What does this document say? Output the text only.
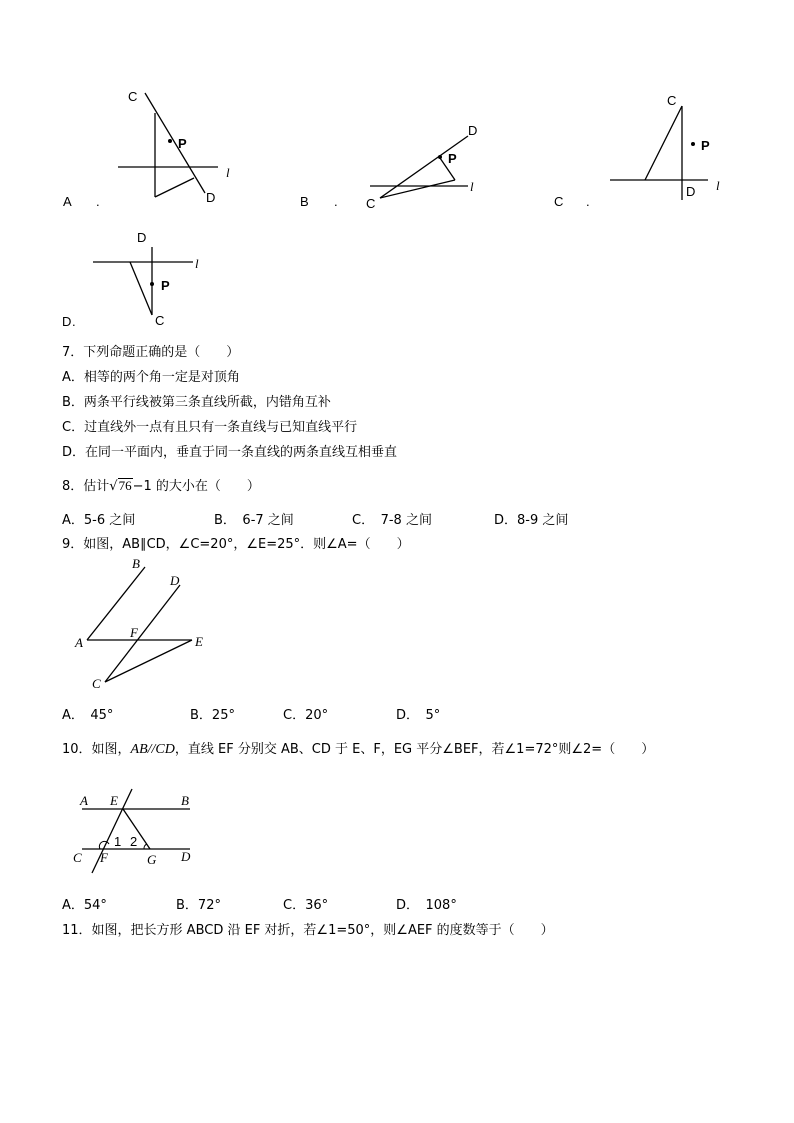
C
P
D
l
A .
D
P
l
C
B .
C
P
D l
C .
D
l
P
C
D .
7．下列命题正确的是（　　）
A．相等的两个角一定是对顶角
B．两条平行线被第三条直线所截，内错角互补
C．过直线外一点有且只有一条直线与已知直线平行
D．在同一平面内，垂直于同一条直线的两条直线互相垂直
8．估计√76−1 的大小在（　　）
A．5-6 之间	B．　6-7 之间	C．　7-8 之间	D．8-9 之间
9．如图，AB∥CD，∠C=20°，∠E=25°．则∠A=（　　）
B
D
F
A	E
C
A．　45°	B．25°	C．20°	D．　5°
10．如图，AB//CD，直线 EF 分别交 AB、CD 于 E、F，EG 平分∠BEF，若∠1=72°则∠2=（　　）
A E	B
1 2
C F	G D
A．54°	B．72°	C．36°	D．　108°
11．如图，把长方形 ABCD 沿 EF 对折，若∠1=50°，则∠AEF 的度数等于（　　）
